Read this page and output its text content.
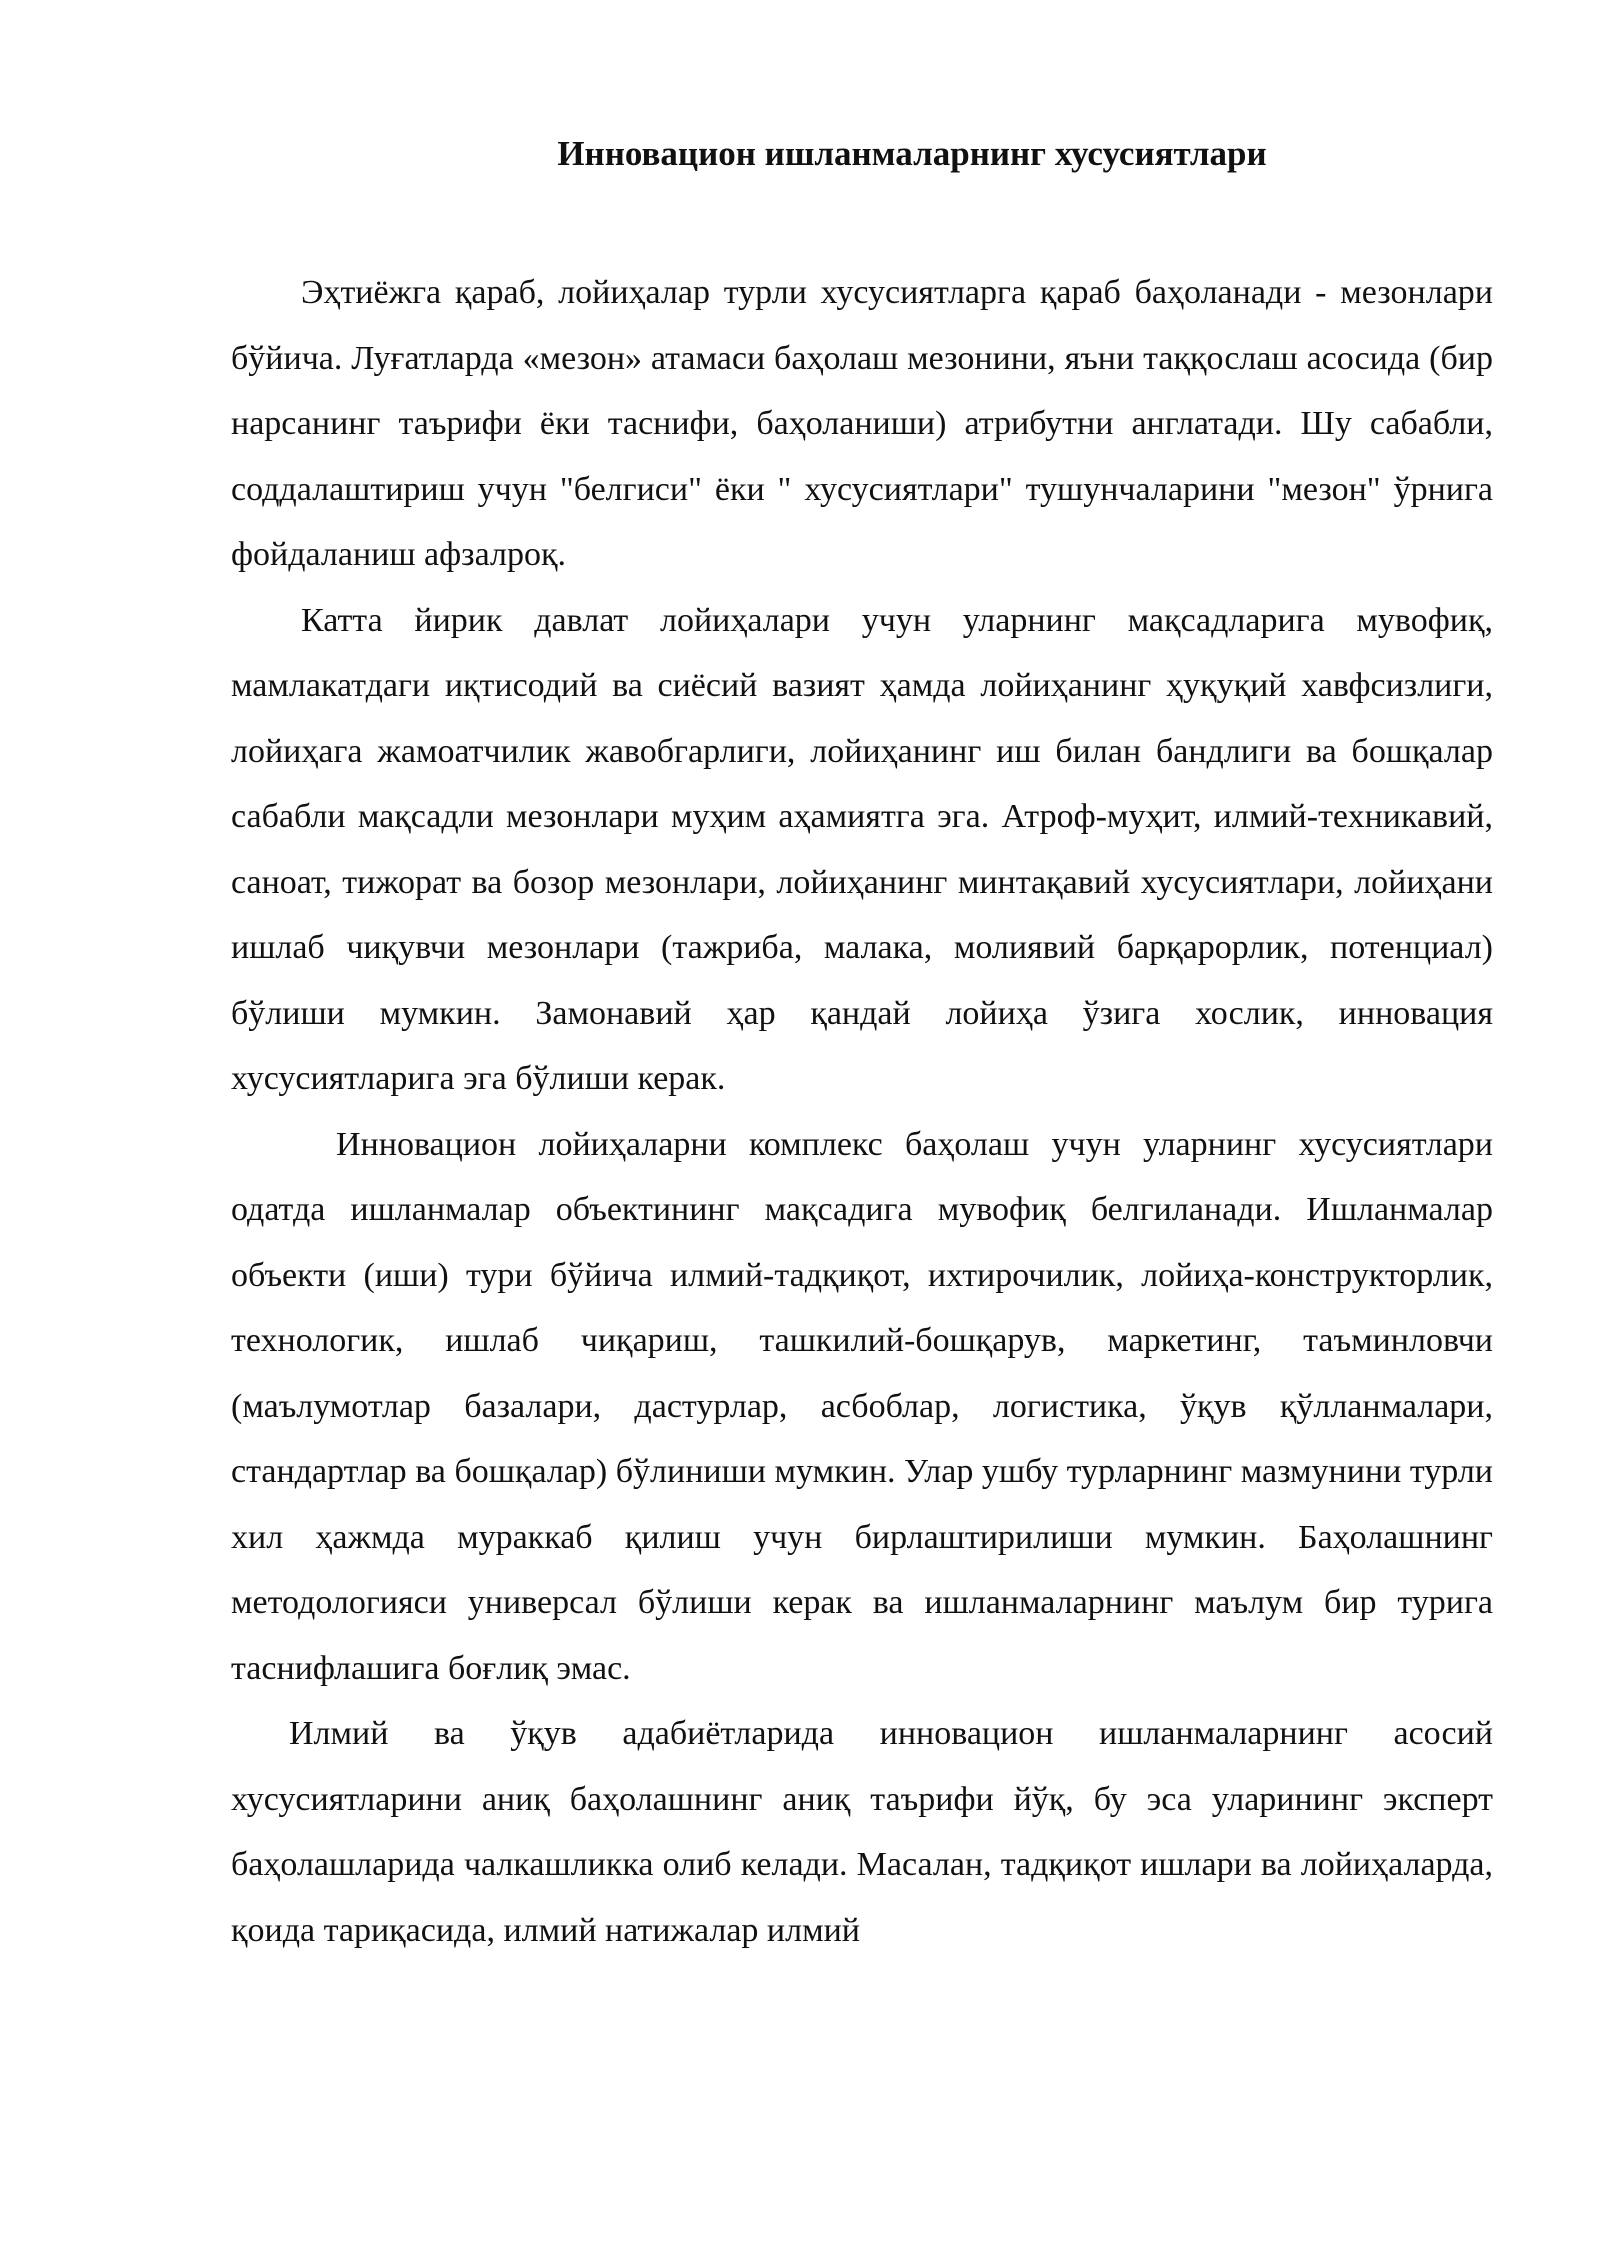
Инновацион ишланмаларнинг хусусиятлари

Эҳтиёжга қараб, лойиҳалар турли хусусиятларга қараб баҳоланади - мезонлари бўйича. Луғатларда «мезон» атамаси баҳолаш мезонини, яъни таққослаш асосида (бир нарсанинг таърифи ёки таснифи, баҳоланиши) атрибутни англатади. Шу сабабли, соддалаштириш учун "белгиси" ёки " хусусиятлари" тушунчаларини "мезон" ўрнига фойдаланиш афзалроқ.

Катта йирик давлат лойиҳалари учун уларнинг мақсадларига мувофиқ, мамлакатдаги иқтисодий ва сиёсий вазият ҳамда лойиҳанинг ҳуқуқий хавфсизлиги, лойиҳага жамоатчилик жавобгарлиги, лойиҳанинг иш билан бандлиги ва бошқалар сабабли мақсадли мезонлари муҳим аҳамиятга эга. Атроф-муҳит, илмий-техникавий, саноат, тижорат ва бозор мезонлари, лойиҳанинг минтақавий хусусиятлари, лойиҳани ишлаб чиқувчи мезонлари (тажриба, малака, молиявий барқарорлик, потенциал) бўлиши мумкин. Замонавий ҳар қандай лойиҳа ўзига хослик, инновация хусусиятларига эга бўлиши керак.

Инновацион лойиҳаларни комплекс баҳолаш учун уларнинг хусусиятлари одатда ишланмалар объектининг мақсадига мувофиқ белгиланади. Ишланмалар объекти (иши) тури бўйича илмий-тадқиқот, ихтирочилик, лойиҳа-конструкторлик, технологик, ишлаб чиқариш, ташкилий-бошқарув, маркетинг, таъминловчи (маълумотлар базалари, дастурлар, асбоблар, логистика, ўқув қўлланмалари, стандартлар ва бошқалар) бўлиниши мумкин. Улар ушбу турларнинг мазмунини турли хил ҳажмда мураккаб қилиш учун бирлаштирилиши мумкин. Баҳолашнинг методологияси универсал бўлиши керак ва ишланмаларнинг маълум бир турига таснифлашига боғлиқ эмас.

Илмий ва ўқув адабиётларида инновацион ишланмаларнинг асосий хусусиятларини аниқ баҳолашнинг аниқ таърифи йўқ, бу эса уларининг эксперт баҳолашларида чалкашликка олиб келади. Масалан, тадқиқот ишлари ва лойиҳаларда, қоида тариқасида, илмий натижалар илмий
